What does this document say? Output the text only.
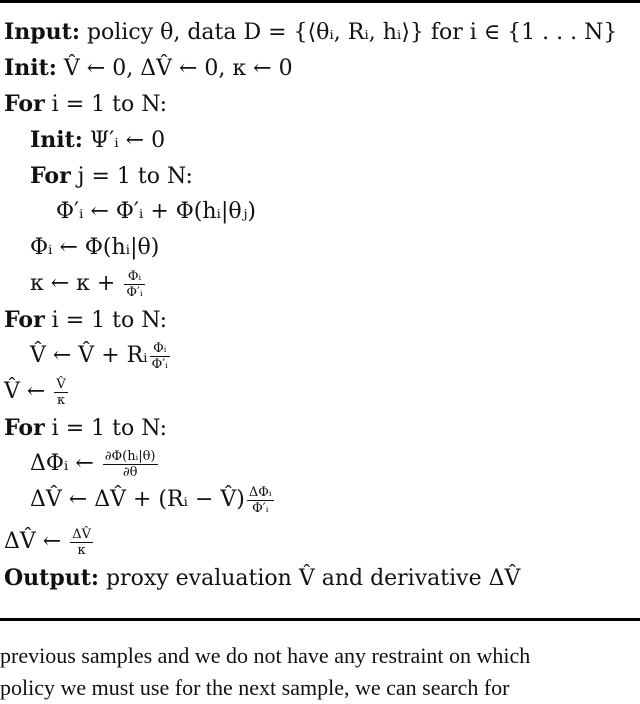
Input: policy θ, data D = {⟨θᵢ, Rᵢ, hᵢ⟩} for i ∈ {1 . . . N}
Init: V̂ ← 0, ΔV̂ ← 0, κ ← 0
For i = 1 to N:
Init: Ψ′ᵢ ← 0
For j = 1 to N:
Φ′ᵢ ← Φ′ᵢ + Φ(hᵢ|θⱼ)
Φᵢ ← Φ(hᵢ|θ)
κ ← $\kappa + \frac{\text{Φᵢ}}{\text{Φ′ᵢ}}$
For i = 1 to N:
V̂ ← V̂ + Rᵢ $\frac{\text{Φᵢ}}{\text{Φ′ᵢ}}$
V̂ ← $\frac{V̂}{\kappa}$
For i = 1 to N:
ΔΦᵢ ← $\frac{\text{∂Φ(hᵢ|θ)}}{\partial\theta}$
ΔV̂ ← ΔV̂ + (Rᵢ − V̂) $\frac{\text{ΔΦᵢ}}{\text{Φ′ᵢ}}$
ΔV̂ ← $\frac{\Delta V̂}{\kappa}$
Output: proxy evaluation V̂ and derivative ΔV̂
previous samples and we do not have any restraint on which
policy we must use for the next sample, we can search for
